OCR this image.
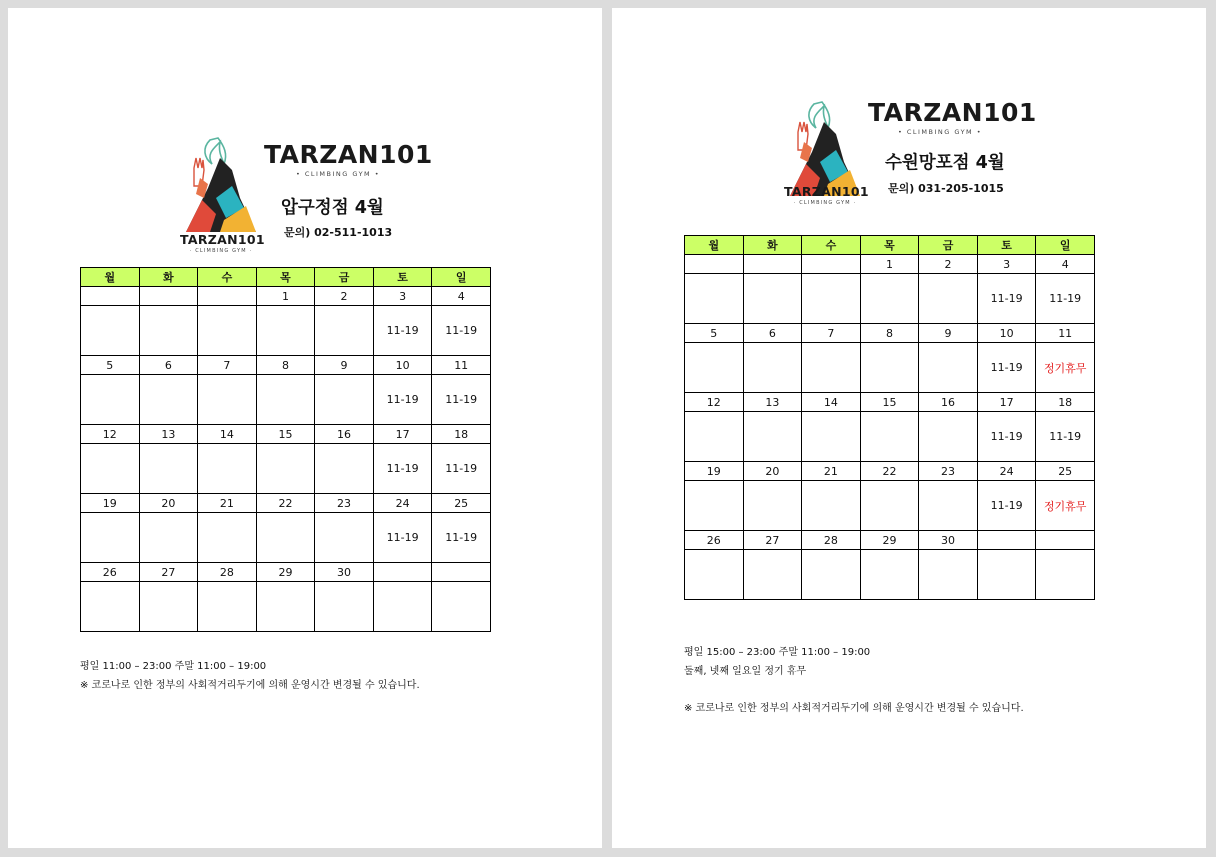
TARZAN101
· CLIMBING GYM ·
TARZAN101
• CLIMBING GYM •
압구정점 4월
문의) 02-511-1013
월	화	수	목	금	토	일
			1	2	3	4
					11-19	11-19
5	6	7	8	9	10	11
					11-19	11-19
12	13	14	15	16	17	18
					11-19	11-19
19	20	21	22	23	24	25
					11-19	11-19
26	27	28	29	30		

평일 11:00 – 23:00 주말 11:00 – 19:00
※ 코로나로 인한 정부의 사회적거리두기에 의해 운영시간 변경될 수 있습니다.
TARZAN101
· CLIMBING GYM ·
TARZAN101
• CLIMBING GYM •
수원망포점 4월
문의) 031-205-1015
월	화	수	목	금	토	일
			1	2	3	4
					11-19	11-19
5	6	7	8	9	10	11
					11-19	정기휴무
12	13	14	15	16	17	18
					11-19	11-19
19	20	21	22	23	24	25
					11-19	정기휴무
26	27	28	29	30		

평일 15:00 – 23:00 주말 11:00 – 19:00
둘째, 넷째 일요일 정기 휴무
※ 코로나로 인한 정부의 사회적거리두기에 의해 운영시간 변경될 수 있습니다.
